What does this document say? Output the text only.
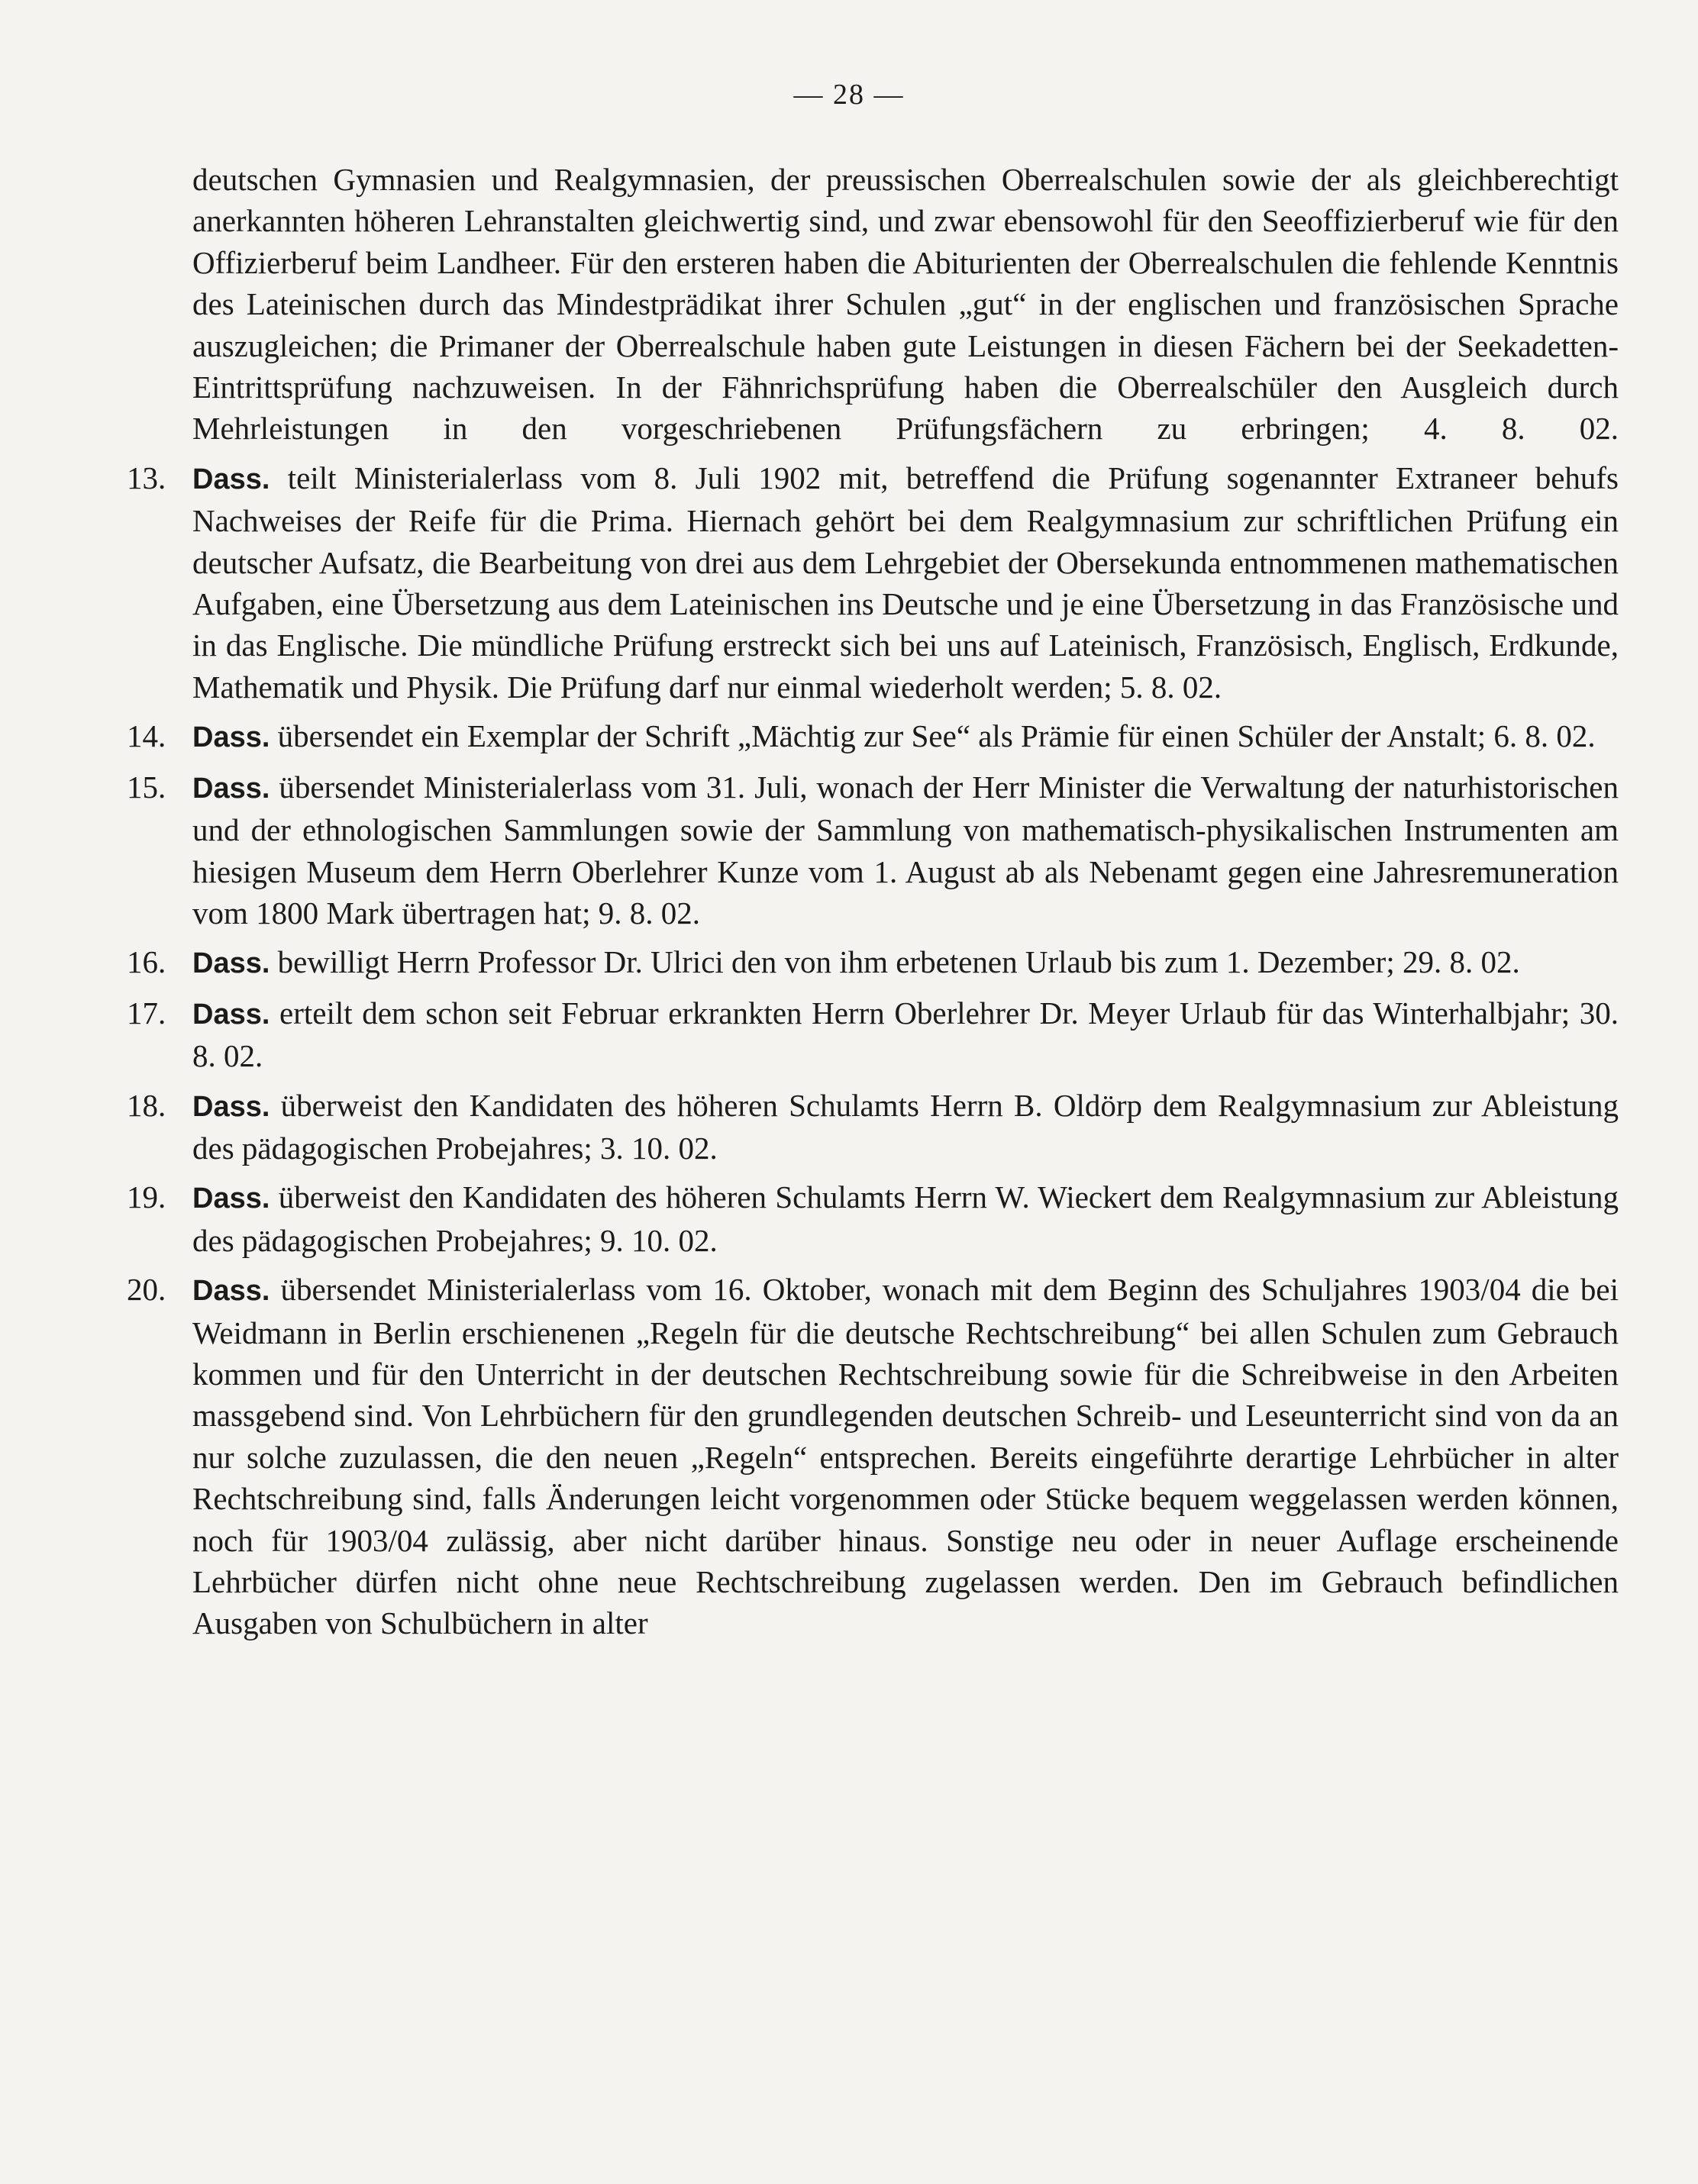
— 28 —
deutschen Gymnasien und Realgymnasien, der preussischen Oberrealschulen sowie der als gleichberechtigt anerkannten höheren Lehranstalten gleichwertig sind, und zwar ebensowohl für den Seeoffizierberuf wie für den Offizierberuf beim Landheer. Für den ersteren haben die Abiturienten der Oberrealschulen die fehlende Kenntnis des Lateinischen durch das Mindestprädikat ihrer Schulen „gut“ in der englischen und französischen Sprache auszugleichen; die Primaner der Oberrealschule haben gute Leistungen in diesen Fächern bei der Seekadetten-Eintrittsprüfung nachzuweisen. In der Fähnrichsprüfung haben die Oberrealschüler den Ausgleich durch Mehrleistungen in den vorgeschriebenen Prüfungsfächern zu erbringen; 4. 8. 02.
13. Dass. teilt Ministerialerlass vom 8. Juli 1902 mit, betreffend die Prüfung sogenannter Extraneer behufs Nachweises der Reife für die Prima. Hiernach gehört bei dem Realgymnasium zur schriftlichen Prüfung ein deutscher Aufsatz, die Bearbeitung von drei aus dem Lehrgebiet der Obersekunda entnommenen mathematischen Aufgaben, eine Übersetzung aus dem Lateinischen ins Deutsche und je eine Übersetzung in das Französische und in das Englische. Die mündliche Prüfung erstreckt sich bei uns auf Lateinisch, Französisch, Englisch, Erdkunde, Mathematik und Physik. Die Prüfung darf nur einmal wiederholt werden; 5. 8. 02.
14. Dass. übersendet ein Exemplar der Schrift „Mächtig zur See“ als Prämie für einen Schüler der Anstalt; 6. 8. 02.
15. Dass. übersendet Ministerialerlass vom 31. Juli, wonach der Herr Minister die Verwaltung der naturhistorischen und der ethnologischen Sammlungen sowie der Sammlung von mathematisch-physikalischen Instrumenten am hiesigen Museum dem Herrn Oberlehrer Kunze vom 1. August ab als Nebenamt gegen eine Jahresremuneration vom 1800 Mark übertragen hat; 9. 8. 02.
16. Dass. bewilligt Herrn Professor Dr. Ulrici den von ihm erbetenen Urlaub bis zum 1. Dezember; 29. 8. 02.
17. Dass. erteilt dem schon seit Februar erkrankten Herrn Oberlehrer Dr. Meyer Urlaub für das Winterhalbjahr; 30. 8. 02.
18. Dass. überweist den Kandidaten des höheren Schulamts Herrn B. Oldörp dem Realgymnasium zur Ableistung des pädagogischen Probejahres; 3. 10. 02.
19. Dass. überweist den Kandidaten des höheren Schulamts Herrn W. Wieckert dem Realgymnasium zur Ableistung des pädagogischen Probejahres; 9. 10. 02.
20. Dass. übersendet Ministerialerlass vom 16. Oktober, wonach mit dem Beginn des Schuljahres 1903/04 die bei Weidmann in Berlin erschienenen „Regeln für die deutsche Rechtschreibung“ bei allen Schulen zum Gebrauch kommen und für den Unterricht in der deutschen Rechtschreibung sowie für die Schreibweise in den Arbeiten massgebend sind. Von Lehrbüchern für den grundlegenden deutschen Schreib- und Leseunterricht sind von da an nur solche zuzulassen, die den neuen „Regeln“ entsprechen. Bereits eingeführte derartige Lehrbücher in alter Rechtschreibung sind, falls Änderungen leicht vorgenommen oder Stücke bequem weggelassen werden können, noch für 1903/04 zulässig, aber nicht darüber hinaus. Sonstige neu oder in neuer Auflage erscheinende Lehrbücher dürfen nicht ohne neue Rechtschreibung zugelassen werden. Den im Gebrauch befindlichen Ausgaben von Schulbüchern in alter
